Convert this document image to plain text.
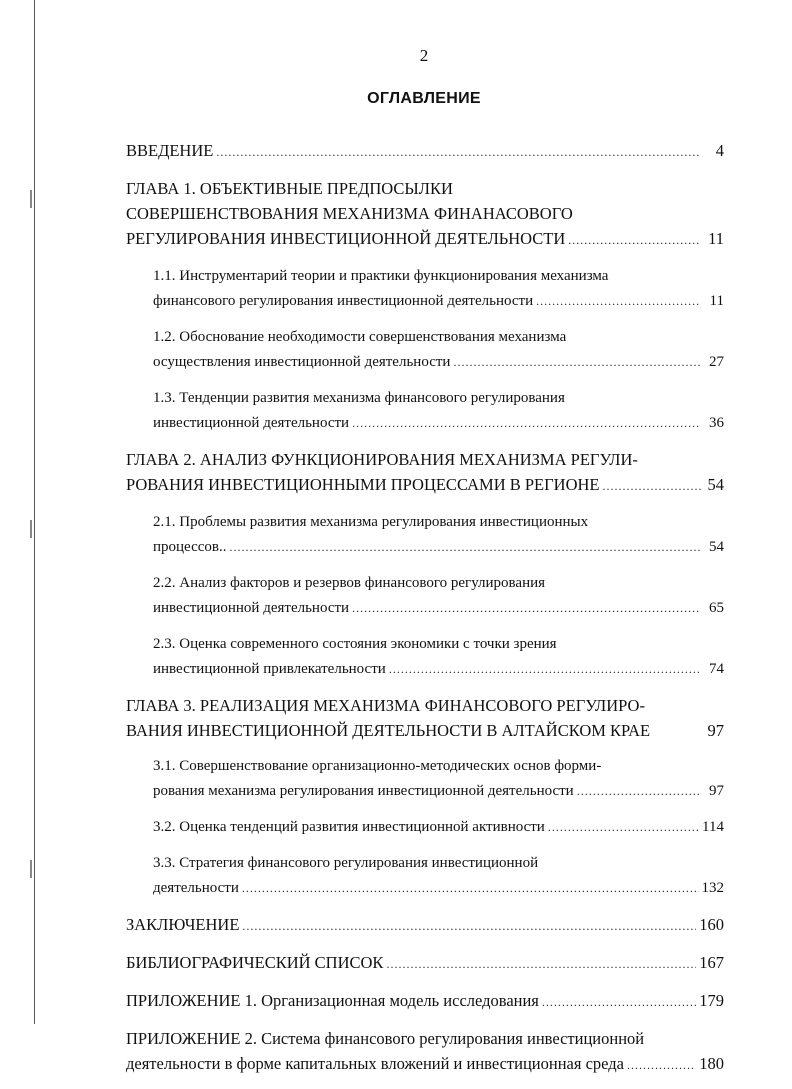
2
ОГЛАВЛЕНИЕ
ВВЕДЕНИЕ .....	4
ГЛАВА 1. ОБЪЕКТИВНЫЕ ПРЕДПОСЫЛКИ
СОВЕРШЕНСТВОВАНИЯ МЕХАНИЗМА ФИНАНАСОВОГО
РЕГУЛИРОВАНИЯ ИНВЕСТИЦИОННОЙ ДЕЯТЕЛЬНОСТИ .....	11
1.1. Инструментарий теории и практики функционирования механизма
финансового регулирования инвестиционной деятельности .....	11
1.2. Обоснование необходимости совершенствования механизма
осуществления инвестиционной деятельности .....	27
1.3. Тенденции развития механизма финансового регулирования
инвестиционной деятельности .....	36
ГЛАВА 2. АНАЛИЗ ФУНКЦИОНИРОВАНИЯ МЕХАНИЗМА РЕГУЛИ-
РОВАНИЯ ИНВЕСТИЦИОННЫМИ ПРОЦЕССАМИ В РЕГИОНЕ .....	54
2.1. Проблемы развития механизма регулирования инвестиционных
процессов.. .....	54
2.2. Анализ факторов и резервов финансового регулирования
инвестиционной деятельности .....	65
2.3. Оценка современного состояния экономики с точки зрения
инвестиционной привлекательности .....	74
ГЛАВА 3. РЕАЛИЗАЦИЯ МЕХАНИЗМА ФИНАНСОВОГО РЕГУЛИРО-
ВАНИЯ ИНВЕСТИЦИОННОЙ ДЕЯТЕЛЬНОСТИ В АЛТАЙСКОМ КРАЕ	97
3.1. Совершенствование организационно-методических основ форми-
рования механизма регулирования инвестиционной деятельности .....	97
3.2. Оценка тенденций развития инвестиционной активности .....	114
3.3. Стратегия финансового регулирования инвестиционной
деятельности .....	132
ЗАКЛЮЧЕНИЕ .....	160
БИБЛИОГРАФИЧЕСКИЙ СПИСОК .....	167
ПРИЛОЖЕНИЕ 1. Организационная модель исследования .....	179
ПРИЛОЖЕНИЕ 2. Система финансового регулирования инвестиционной
деятельности в форме капитальных вложений и инвестиционная среда .....	180
